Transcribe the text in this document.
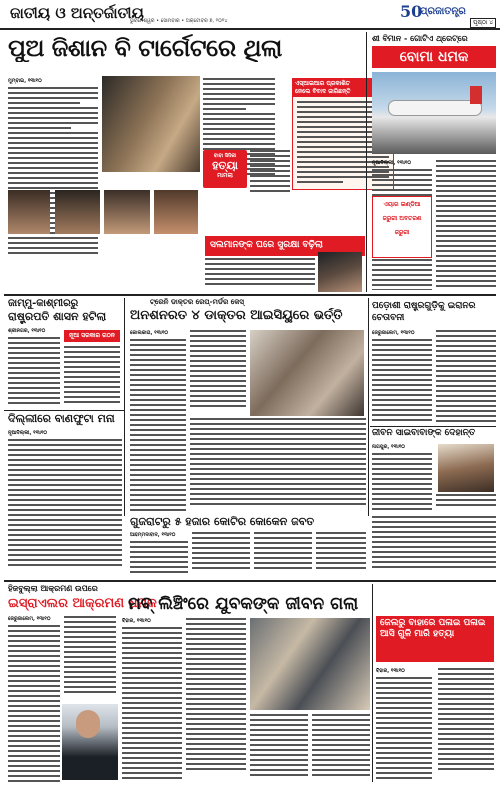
ଜାତୀୟ ଓ ଅନ୍ତର୍ଜାତୀୟ
ଭୁବନେଶ୍ୱର • ସୋମବାର • ଅକ୍ଟୋବର ୭, ୨୦୨୪	50
ପ୍ରଜାତନ୍ତ୍ର
ପୃଷ୍ଠା ୪
ପୁଅ ଜିଶାନ ବି ଟାର୍ଗେଟରେ ଥିଲା
ମୁମ୍ବାଇ, ୧୩ା୧୦
ବାବା ସିଦ୍ଦିକୀ
ହତ୍ୟା
ମାମଲା
ଏସ୍‌ଆଇଆର ପ୍ରକାଶିତ
ନେଲେ ବିବାଦ ଜାରିଛନ୍ତି
ସଲମାନଙ୍କ ଘରେ ସୁରକ୍ଷା ବଢ଼ିଲା
ଶୀ ବିମାନ - ଗୋଟିଏ ଥ୍ରେଟ୍‌ରେ
ବୋମା ଧମକ
ନୂଆଦିଲ୍ଲୀ, ୧୩ା୧୦
ଏୟାର ଇଣ୍ଡିଆ
ଜରୁରୀ ଅବତରଣ
ଜରୁରୀ
ଜାମ୍ମୁ-କାଶ୍ମୀରରୁ
ରାଷ୍ଟ୍ରପତି ଶାସନ ହଟିଲା
ଶ୍ରୀନଗର, ୧୩ା୧୦
ନୂଆ ସରକାର ଗଠନ
ଟ୍ରେନି ଡାକ୍ତର ରେପ୍-ମର୍ଡର କେସ୍
ଅନଶନରତ ୪ ଡାକ୍ତର ଆଇସିୟୁରେ ଭର୍ତ୍ତି
କୋଲକାତା, ୧୩ା୧୦
ପଡ଼ୋଶୀ ରାଷ୍ଟ୍ରଗୁଡ଼ିକୁ ଇରାନର ଚେତାବନୀ
ଜେରୁଜାଲେମ, ୧୩ା୧୦
ଦିଲ୍ଲୀରେ ବାଣଫୁଟା ମନା
ନୂଆଦିଲ୍ଲୀ, ୧୩ା୧୦	ଜୀବନ ସାଇବାବାଙ୍କ ଦେହାନ୍ତ
ନାଗପୁର, ୧୩ା୧୦
ଗୁଜରାଟରୁ ୫ ହଜାର କୋଟିର କୋକେନ ଜବତ
ଆହମ୍ମଦାବାଦ, ୧୩ା୧୦
ହିଜବୁଲ୍ଲା ଆକ୍ରମଣ ଉପରେ
ଇସ୍ରାଏଲର ଆକ୍ରମଣ ଧମକ
ଜେରୁଜାଲେମ, ୧୩ା୧୦
ମବ୍ ଲିଞ୍ଚିଂରେ ଯୁବକଙ୍କ ଜୀବନ ଗଲା
ବିହାର, ୧୩ା୧୦	ଜେଲରୁ ବାହାରେ ପଳାଇ ପଳାଇ ଆସି ଗୁଳି ମାରି ହତ୍ୟା
ବିହାର, ୧୩ା୧୦
